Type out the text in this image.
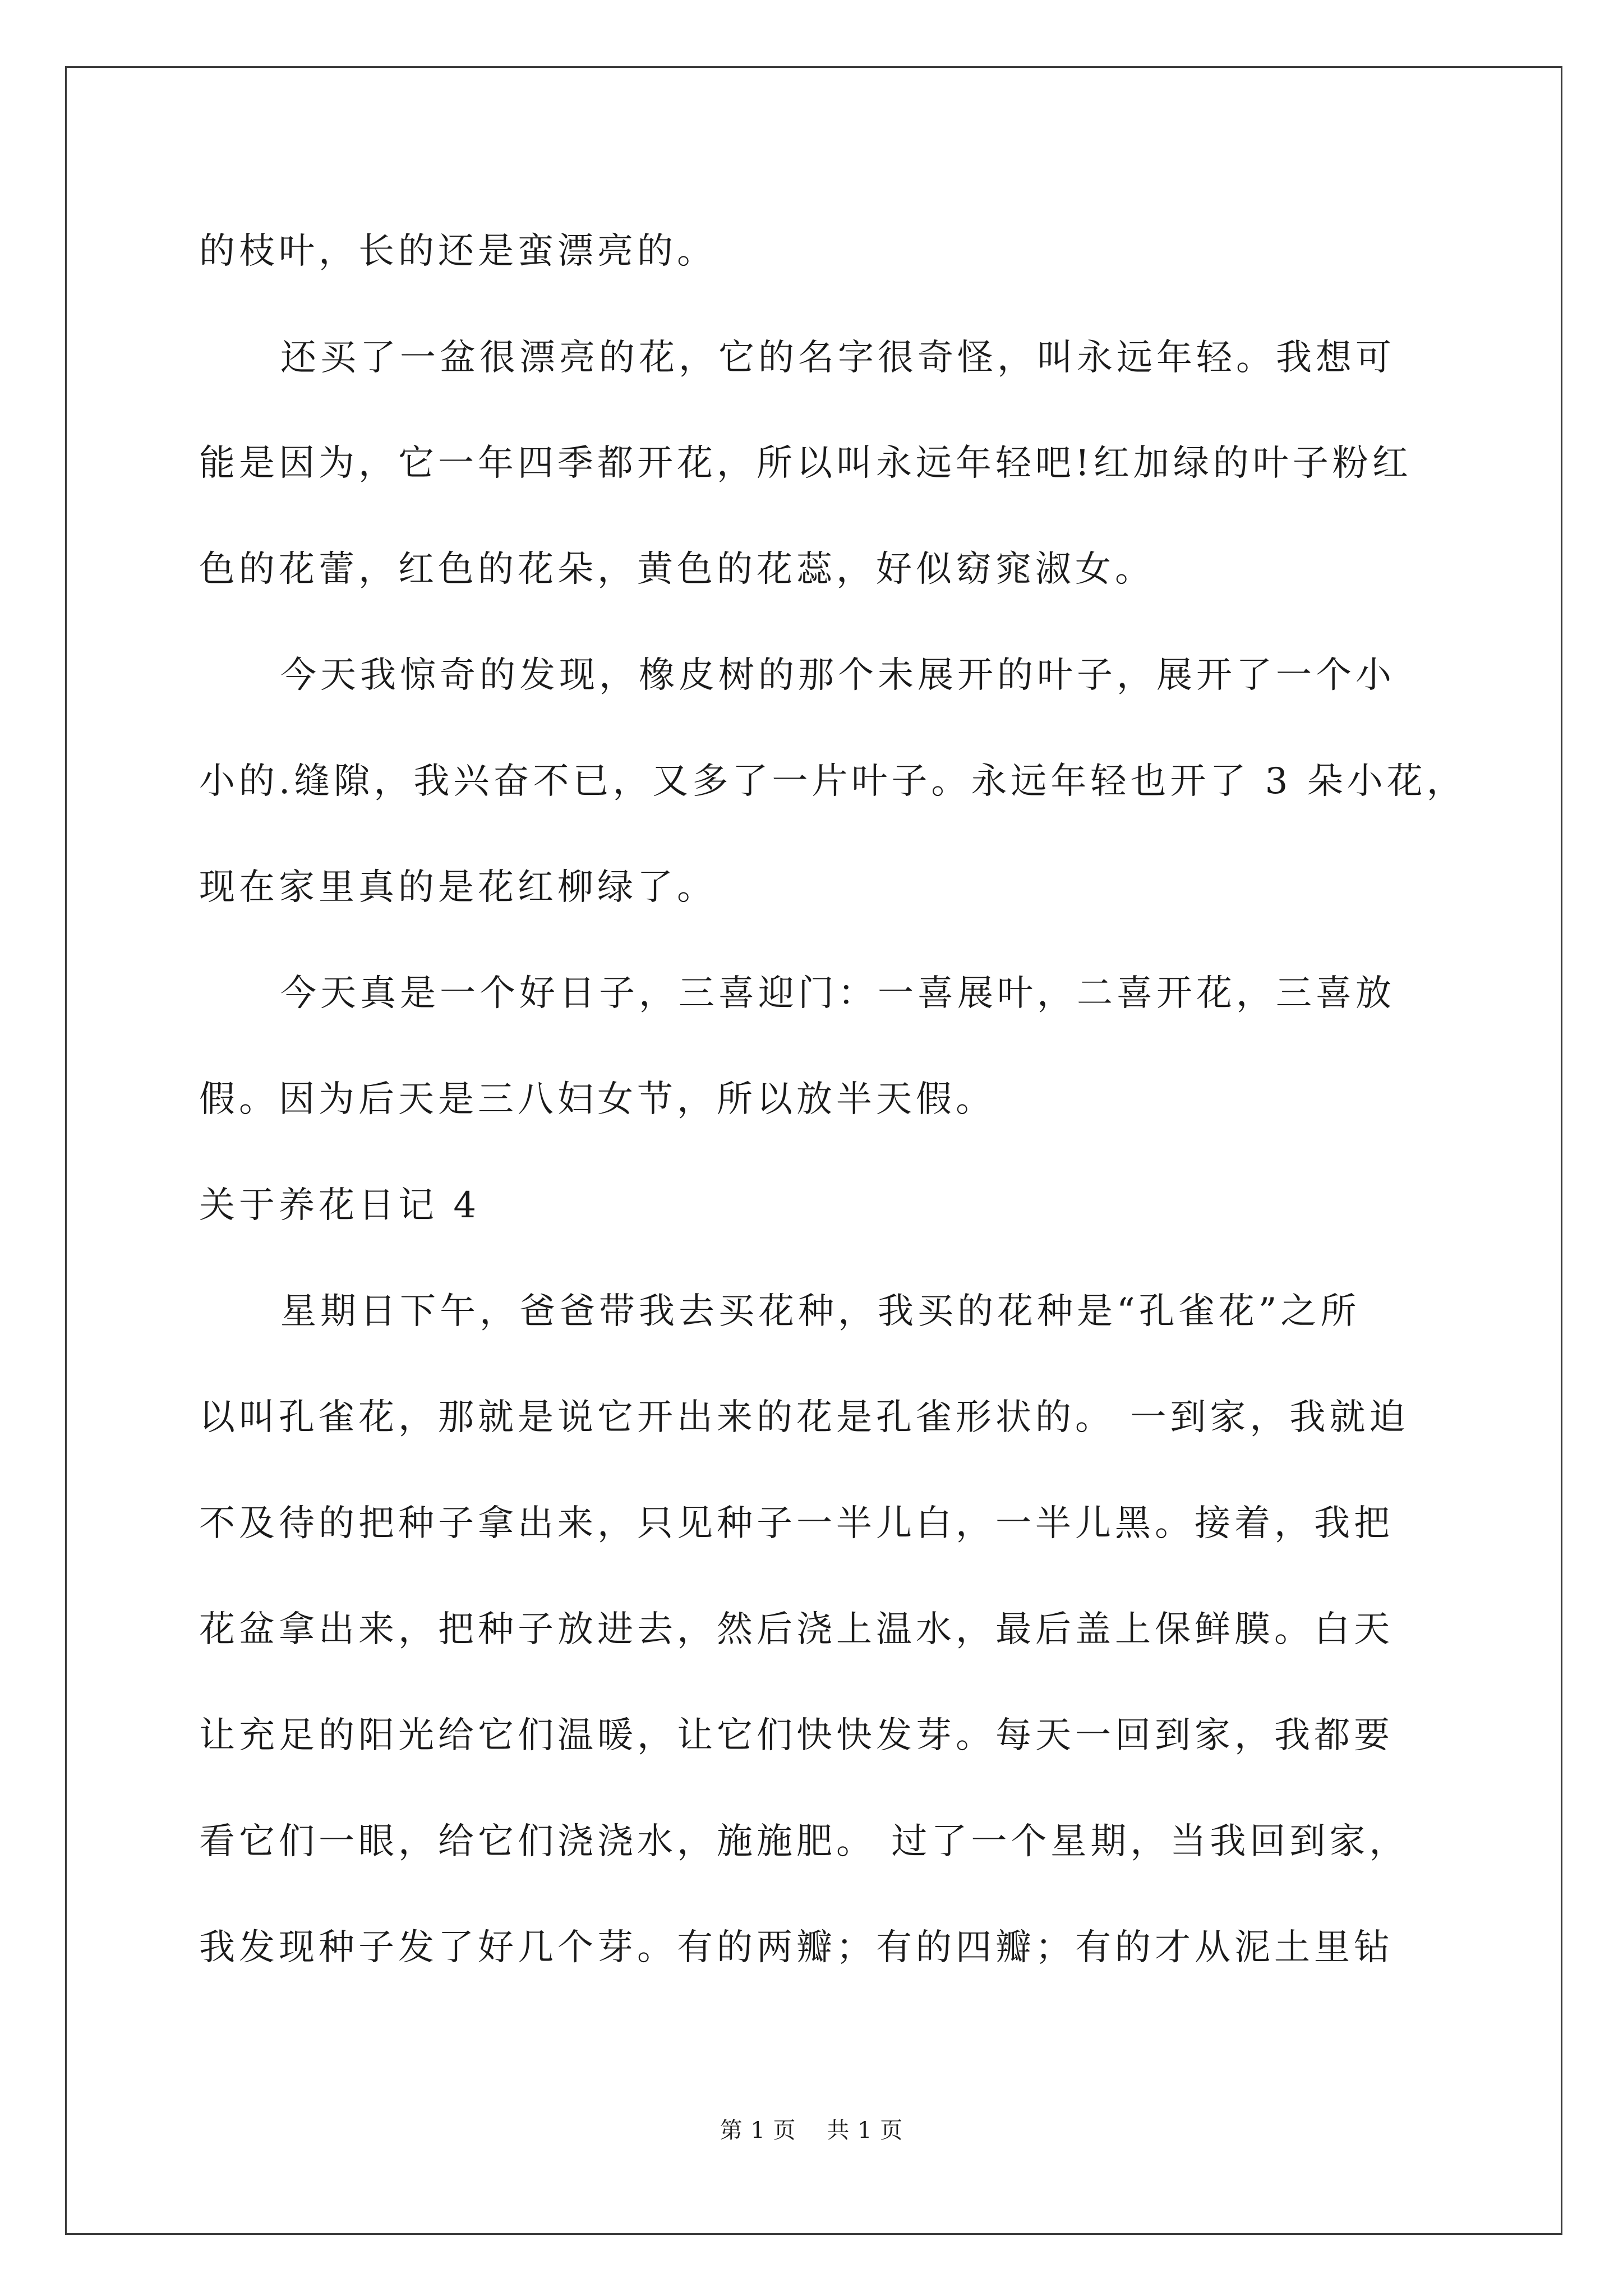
的枝叶，长的还是蛮漂亮的。
还买了一盆很漂亮的花，它的名字很奇怪，叫永远年轻。我想可
能是因为，它一年四季都开花，所以叫永远年轻吧!红加绿的叶子粉红
色的花蕾，红色的花朵，黄色的花蕊，好似窈窕淑女。
今天我惊奇的发现，橡皮树的那个未展开的叶子，展开了一个小
小的.缝隙，我兴奋不已，又多了一片叶子。永远年轻也开了 3 朵小花，
现在家里真的是花红柳绿了。
今天真是一个好日子，三喜迎门：一喜展叶，二喜开花，三喜放
假。因为后天是三八妇女节，所以放半天假。
关于养花日记 4
星期日下午，爸爸带我去买花种，我买的花种是“孔雀花”之所
以叫孔雀花，那就是说它开出来的花是孔雀形状的。 一到家，我就迫
不及待的把种子拿出来，只见种子一半儿白，一半儿黑。接着，我把
花盆拿出来，把种子放进去，然后浇上温水，最后盖上保鲜膜。白天
让充足的阳光给它们温暖，让它们快快发芽。每天一回到家，我都要
看它们一眼，给它们浇浇水，施施肥。 过了一个星期，当我回到家，
我发现种子发了好几个芽。有的两瓣；有的四瓣；有的才从泥土里钻
第 1 页 共 1 页
